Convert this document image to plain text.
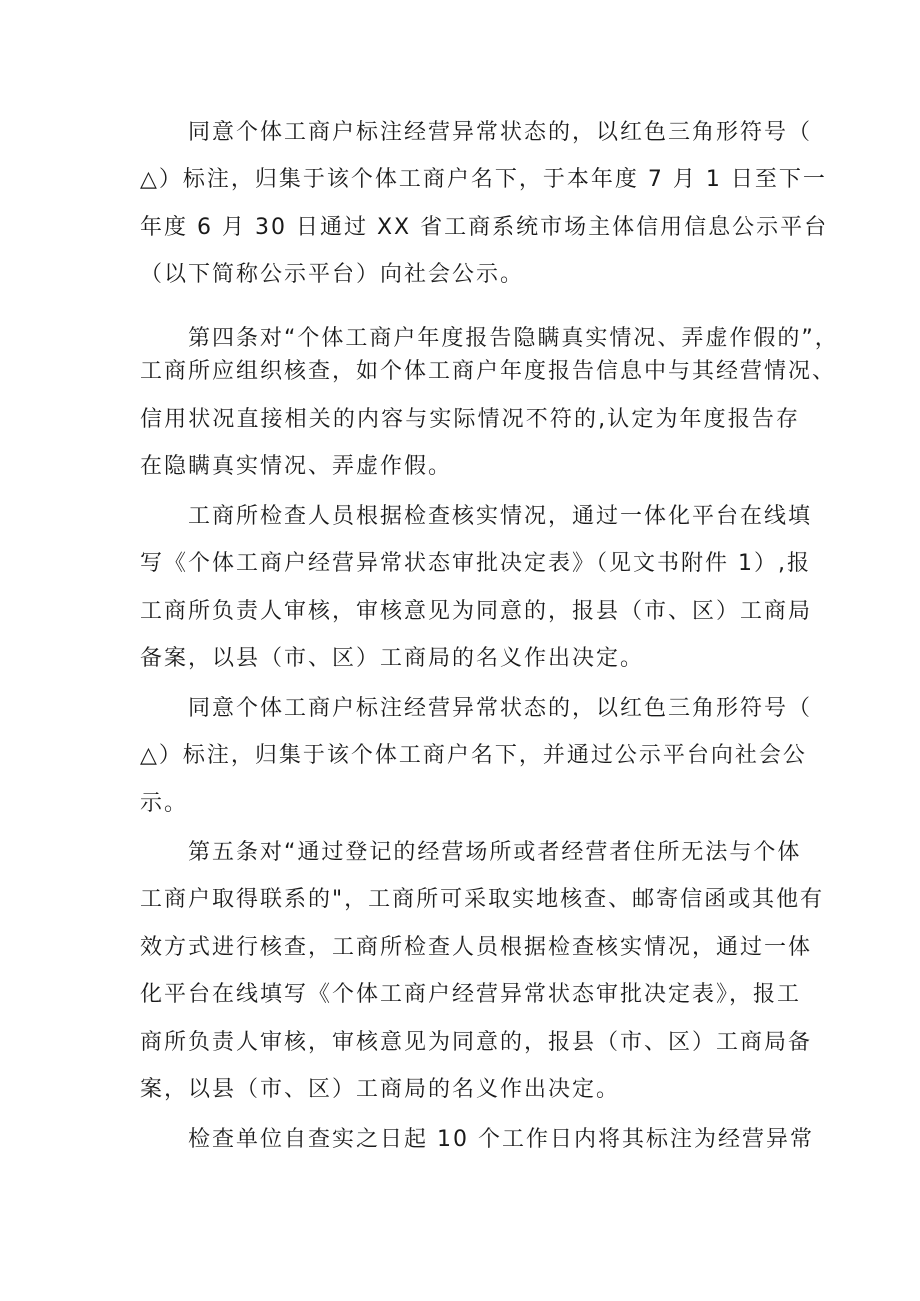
同意个体工商户标注经营异常状态的，以红色三角形符号（
△）标注，归集于该个体工商户名下，于本年度 7 月 1 日至下一
年度 6 月 30 日通过 XX 省工商系统市场主体信用信息公示平台
（以下简称公示平台）向社会公示。
第四条对“个体工商户年度报告隐瞒真实情况、弄虚作假的”，
工商所应组织核查，如个体工商户年度报告信息中与其经营情况、
信用状况直接相关的内容与实际情况不符的,认定为年度报告存
在隐瞒真实情况、弄虚作假。
工商所检查人员根据检查核实情况，通过一体化平台在线填
写《个体工商户经营异常状态审批决定表》（见文书附件 1）,报
工商所负责人审核，审核意见为同意的，报县（市、区）工商局
备案，以县（市、区）工商局的名义作出决定。
同意个体工商户标注经营异常状态的，以红色三角形符号（
△）标注，归集于该个体工商户名下，并通过公示平台向社会公
示。
第五条对“通过登记的经营场所或者经营者住所无法与个体
工商户取得联系的"，工商所可采取实地核查、邮寄信函或其他有
效方式进行核查，工商所检查人员根据检查核实情况，通过一体
化平台在线填写《个体工商户经营异常状态审批决定表》，报工
商所负责人审核，审核意见为同意的，报县（市、区）工商局备
案，以县（市、区）工商局的名义作出决定。
检查单位自查实之日起 10 个工作日内将其标注为经营异常
